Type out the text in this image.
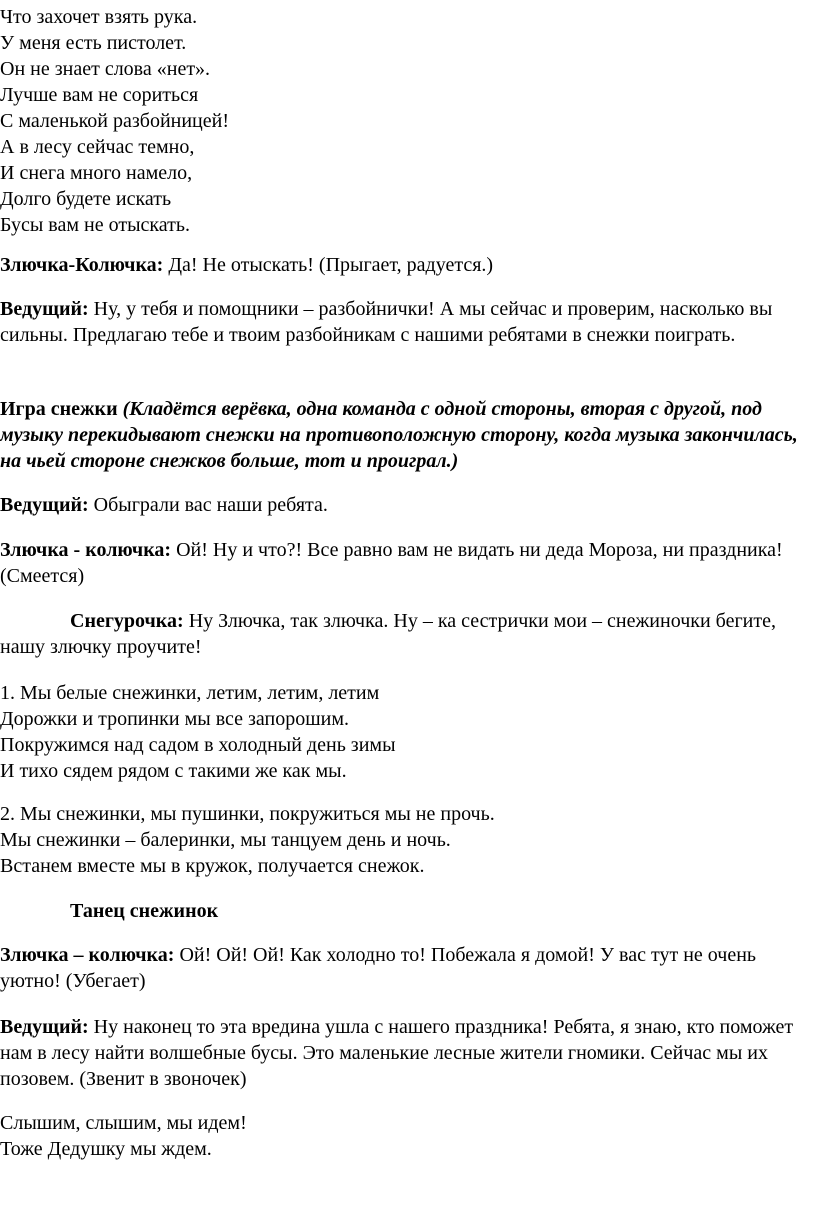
Что захочет взять рука.
У меня есть пистолет.
Он не знает слова «нет».
Лучше вам не сориться
С маленькой разбойницей!
А в лесу сейчас темно,
И снега много намело,
Долго будете искать
Бусы вам не отыскать.
Злючка-Колючка: Да! Не отыскать! (Прыгает, радуется.)
Ведущий: Ну, у тебя и помощники – разбойнички! А мы сейчас и проверим, насколько вы сильны. Предлагаю тебе и твоим разбойникам с нашими ребятами в снежки поиграть.
Игра снежки (Кладётся верёвка, одна команда с одной стороны, вторая с другой, под музыку перекидывают снежки на противоположную сторону, когда музыка закончилась, на чьей стороне снежков больше, тот и проиграл.)
Ведущий: Обыграли вас наши ребята.
Злючка - колючка: Ой! Ну и что?! Все равно вам не видать ни деда Мороза, ни праздника! (Смеется)
Снегурочка: Ну Злючка, так злючка. Ну – ка сестрички мои – снежиночки бегите, нашу злючку проучите!
1. Мы белые снежинки, летим, летим, летим
Дорожки и тропинки мы все запорошим.
Покружимся над садом в холодный день зимы
И тихо сядем рядом с такими же как мы.
2. Мы снежинки, мы пушинки, покружиться мы не прочь.
Мы снежинки – балеринки, мы танцуем день и ночь.
Встанем вместе мы в кружок, получается снежок.
Танец снежинок
Злючка – колючка: Ой! Ой! Ой! Как холодно то! Побежала я домой! У вас тут не очень уютно! (Убегает)
Ведущий: Ну наконец то эта вредина ушла с нашего праздника! Ребята, я знаю, кто поможет нам в лесу найти волшебные бусы. Это маленькие лесные жители гномики. Сейчас мы их позовем. (Звенит в звоночек)
Слышим, слышим, мы идем!
Тоже Дедушку мы ждем.
